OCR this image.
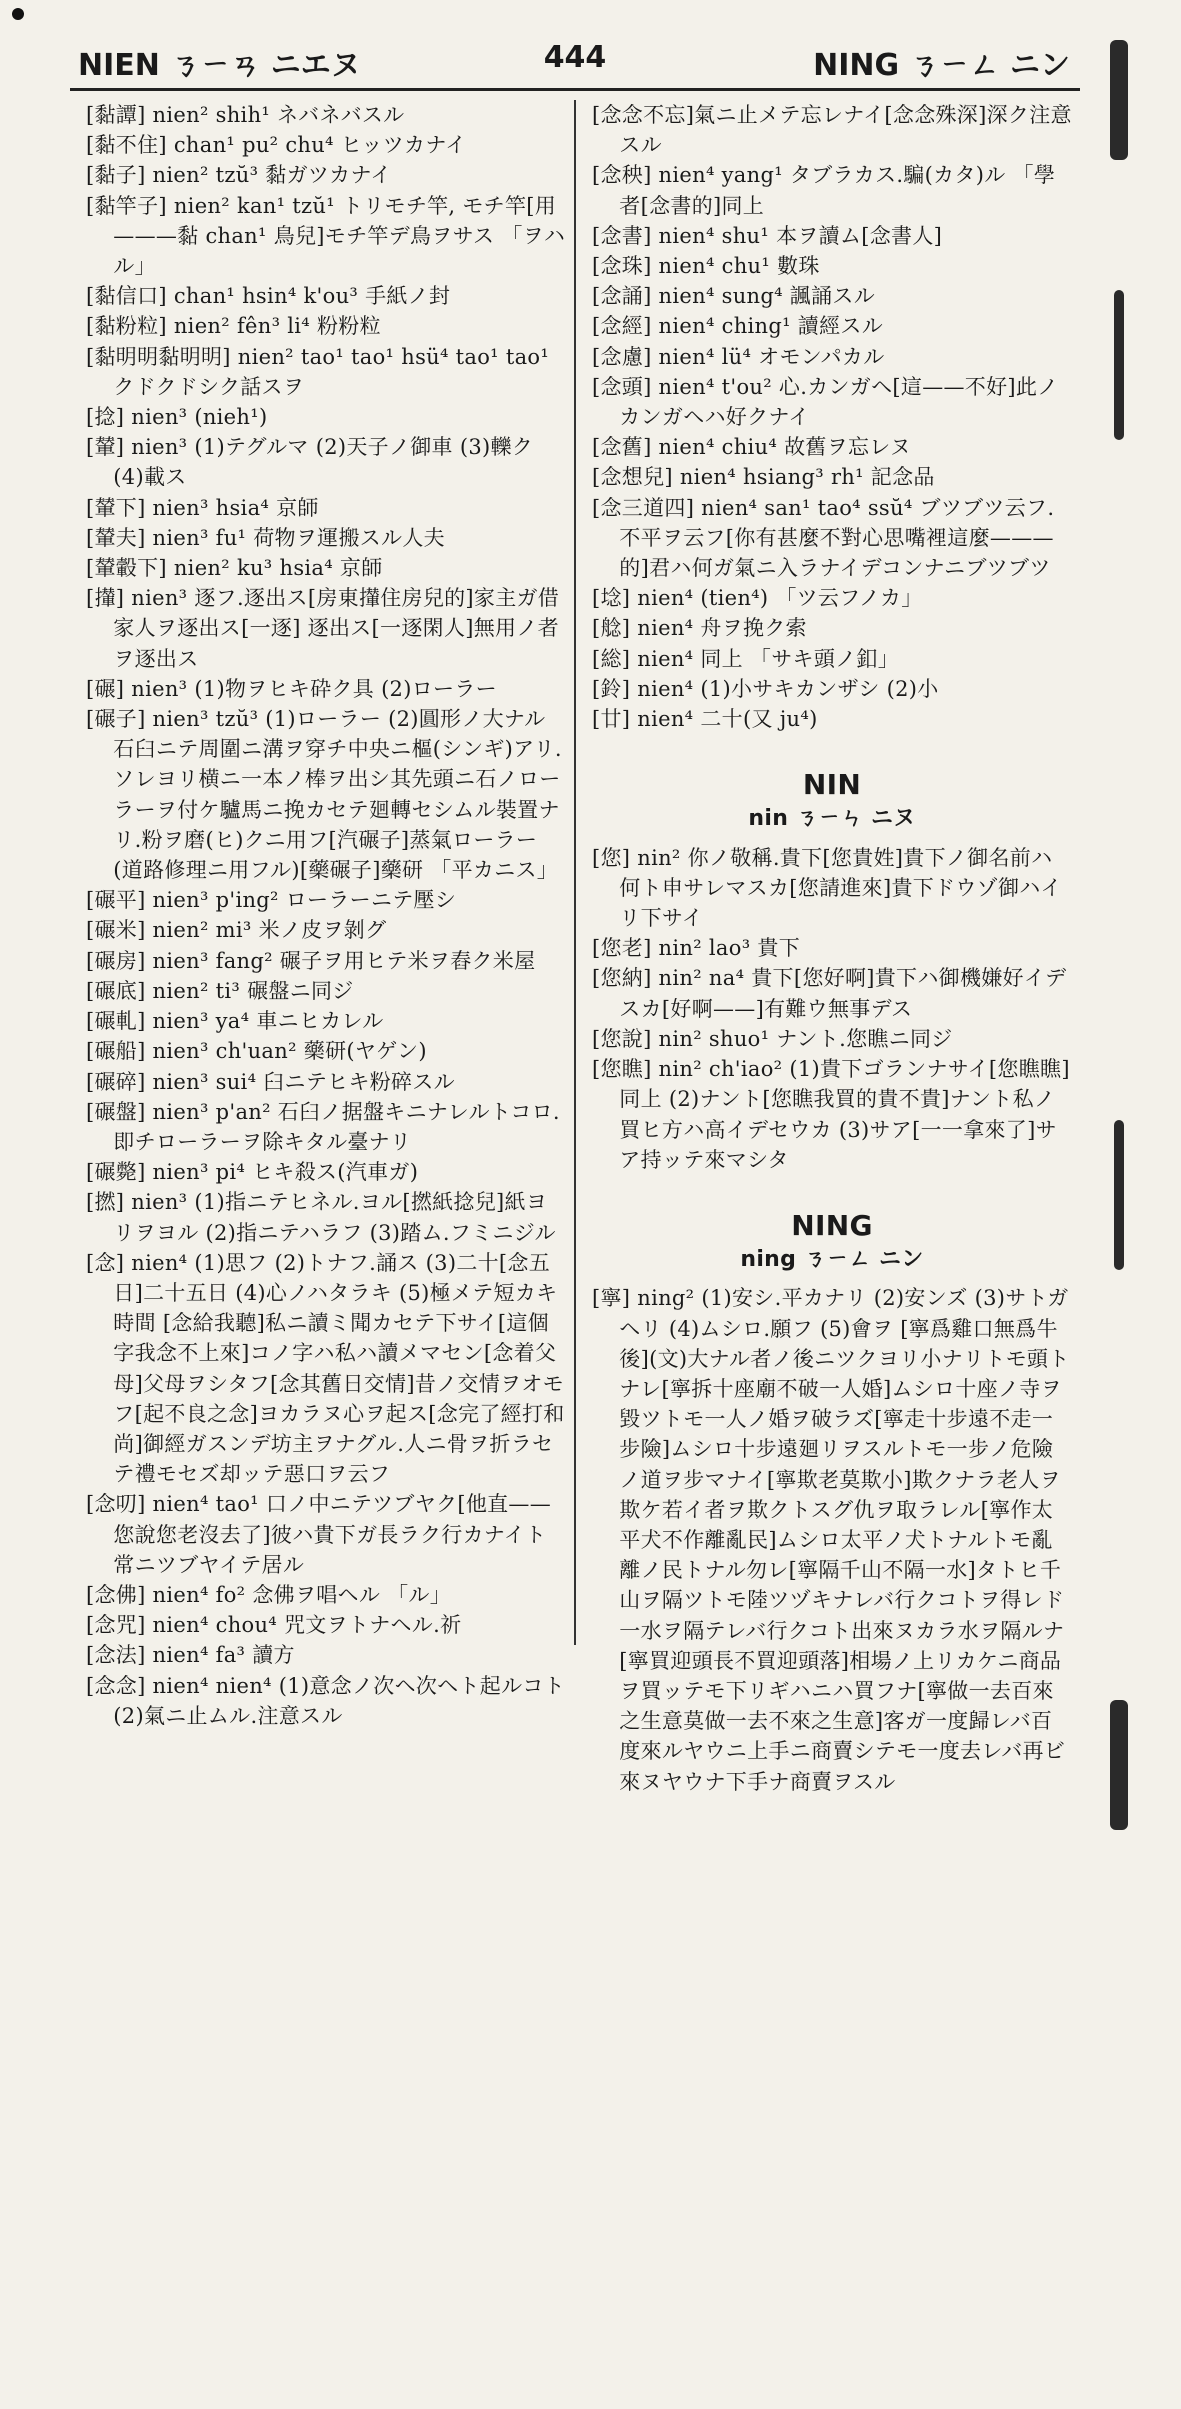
NIEN ㄋㄧㄢ ニエヌ	444	NING ㄋㄧㄥ ニン

[黏譚] nien² shih¹ ネバネバスル

[黏不住] chan¹ pu² chu⁴ ヒッツカナイ

[黏子] nien² tzŭ³ 黏ガツカナイ

[黏竿子] nien² kan¹ tzŭ¹ トリモチ竿, モチ竿[用———黏 chan¹ 鳥兒]モチ竿デ鳥ヲサス 「ヲハル」

[黏信口] chan¹ hsin⁴ k'ou³ 手紙ノ封

[黏粉粒] nien² fên³ li⁴ 粉粉粒

[黏明明黏明明] nien² tao¹ tao¹ hsü⁴ tao¹ tao¹ クドクドシク話スヲ

[捻] nien³ (nieh¹)

[輦] nien³ (1)テグルマ (2)天子ノ御車 (3)轢ク (4)載ス

[輦下] nien³ hsia⁴ 京師

[輦夫] nien³ fu¹ 荷物ヲ運搬スル人夫

[輦轂下] nien² ku³ hsia⁴ 京師

[攆] nien³ 逐フ.逐出ス[房東攆住房兒的]家主ガ借家人ヲ逐出ス[一逐] 逐出ス[一逐閑人]無用ノ者ヲ逐出ス

[碾] nien³ (1)物ヲヒキ砕ク具 (2)ローラー

[碾子] nien³ tzŭ³ (1)ローラー (2)圓形ノ大ナル石臼ニテ周圍ニ溝ヲ穿チ中央ニ樞(シンギ)アリ.ソレヨリ横ニ一本ノ棒ヲ出シ其先頭ニ石ノローラーヲ付ケ驢馬ニ挽カセテ廻轉セシムル裝置ナリ.粉ヲ磨(ヒ)クニ用フ[汽碾子]蒸氣ローラー(道路修理ニ用フル)[藥碾子]藥研 「平カニス」

[碾平] nien³ p'ing² ローラーニテ壓シ

[碾米] nien² mi³ 米ノ皮ヲ剝グ

[碾房] nien³ fang² 碾子ヲ用ヒテ米ヲ舂ク米屋

[碾底] nien² ti³ 碾盤ニ同ジ

[碾軋] nien³ ya⁴ 車ニヒカレル

[碾船] nien³ ch'uan² 藥研(ヤゲン)

[碾碎] nien³ sui⁴ 臼ニテヒキ粉碎スル

[碾盤] nien³ p'an² 石臼ノ据盤キニナレルトコロ.即チローラーヲ除キタル臺ナリ

[碾斃] nien³ pi⁴ ヒキ殺ス(汽車ガ)

[撚] nien³ (1)指ニテヒネル.ヨル[撚紙捻兒]紙ヨリヲヨル (2)指ニテハラフ (3)踏ム.フミニジル

[念] nien⁴ (1)思フ (2)トナフ.誦ス (3)二十[念五日]二十五日 (4)心ノハタラキ (5)極メテ短カキ時間 [念給我聽]私ニ讀ミ聞カセテ下サイ[這個字我念不上來]コノ字ハ私ハ讀メマセン[念着父母]父母ヲシタフ[念其舊日交情]昔ノ交情ヲオモフ[起不良之念]ヨカラヌ心ヲ起ス[念完了經打和尚]御經ガスンデ坊主ヲナグル.人ニ骨ヲ折ラセテ禮モセズ却ッテ惡口ヲ云フ

[念叨] nien⁴ tao¹ 口ノ中ニテツブヤク[他直——您說您老沒去了]彼ハ貴下ガ長ラク行カナイト常ニツブヤイテ居ル

[念佛] nien⁴ fo² 念佛ヲ唱ヘル 「ル」

[念咒] nien⁴ chou⁴ 咒文ヲトナヘル.祈

[念法] nien⁴ fa³ 讀方

[念念] nien⁴ nien⁴ (1)意念ノ次ヘ次ヘト起ルコト (2)氣ニ止ムル.注意スル

[念念不忘]氣ニ止メテ忘レナイ[念念殊深]深ク注意スル

[念秧] nien⁴ yang¹ タブラカス.騙(カタ)ル 「學者[念書的]同上

[念書] nien⁴ shu¹ 本ヲ讀ム[念書人]

[念珠] nien⁴ chu¹ 數珠

[念誦] nien⁴ sung⁴ 諷誦スル

[念經] nien⁴ ching¹ 讀經スル

[念慮] nien⁴ lü⁴ オモンパカル

[念頭] nien⁴ t'ou² 心.カンガヘ[這——不好]此ノカンガヘハ好クナイ

[念舊] nien⁴ chiu⁴ 故舊ヲ忘レヌ

[念想兒] nien⁴ hsiang³ rh¹ 記念品

[念三道四] nien⁴ san¹ tao⁴ ssŭ⁴ ブツブツ云フ.不平ヲ云フ[你有甚麼不對心思嘴裡這麼———的]君ハ何ガ氣ニ入ラナイデコンナニブツブツ

[埝] nien⁴ (tien⁴) 「ツ云フノカ」

[艌] nien⁴ 舟ヲ挽ク索

[総] nien⁴ 同上 「サキ頭ノ釦」

[鈴] nien⁴ (1)小サキカンザシ (2)小

[廿] nien⁴ 二十(又 ju⁴)

NIN
nin ㄋㄧㄣ ニヌ

[您] nin² 你ノ敬稱.貴下[您貴姓]貴下ノ御名前ハ何ト申サレマスカ[您請進來]貴下ドウゾ御ハイリ下サイ

[您老] nin² lao³ 貴下

[您納] nin² na⁴ 貴下[您好啊]貴下ハ御機嫌好イデスカ[好啊——]有難ウ無事デス

[您說] nin² shuo¹ ナント.您瞧ニ同ジ

[您瞧] nin² ch'iao² (1)貴下ゴランナサイ[您瞧瞧]同上 (2)ナント[您瞧我買的貴不貴]ナント私ノ買ヒ方ハ高イデセウカ (3)サア[一一拿來了]サア持ッテ來マシタ

NING
ning ㄋㄧㄥ ニン

[寧] ning² (1)安シ.平カナリ (2)安ンズ (3)サトガヘリ (4)ムシロ.願フ (5)會ヲ [寧爲雞口無爲牛後](文)大ナル者ノ後ニツクヨリ小ナリトモ頭トナレ[寧拆十座廟不破一人婚]ムシロ十座ノ寺ヲ毀ツトモ一人ノ婚ヲ破ラズ[寧走十步遠不走一步險]ムシロ十步遠廻リヲスルトモ一步ノ危險ノ道ヲ步マナイ[寧欺老莫欺小]欺クナラ老人ヲ欺ケ若イ者ヲ欺クトスグ仇ヲ取ラレル[寧作太平犬不作離亂民]ムシロ太平ノ犬トナルトモ亂離ノ民トナル勿レ[寧隔千山不隔一水]タトヒ千山ヲ隔ツトモ陸ツヅキナレバ行クコトヲ得レド一水ヲ隔テレバ行クコト出來ヌカラ水ヲ隔ルナ[寧買迎頭長不買迎頭落]相場ノ上リカケニ商品ヲ買ッテモ下リギハニハ買フナ[寧做一去百來之生意莫做一去不來之生意]客ガ一度歸レバ百度來ルヤウニ上手ニ商賣シテモ一度去レバ再ビ來ヌヤウナ下手ナ商賣ヲスル
